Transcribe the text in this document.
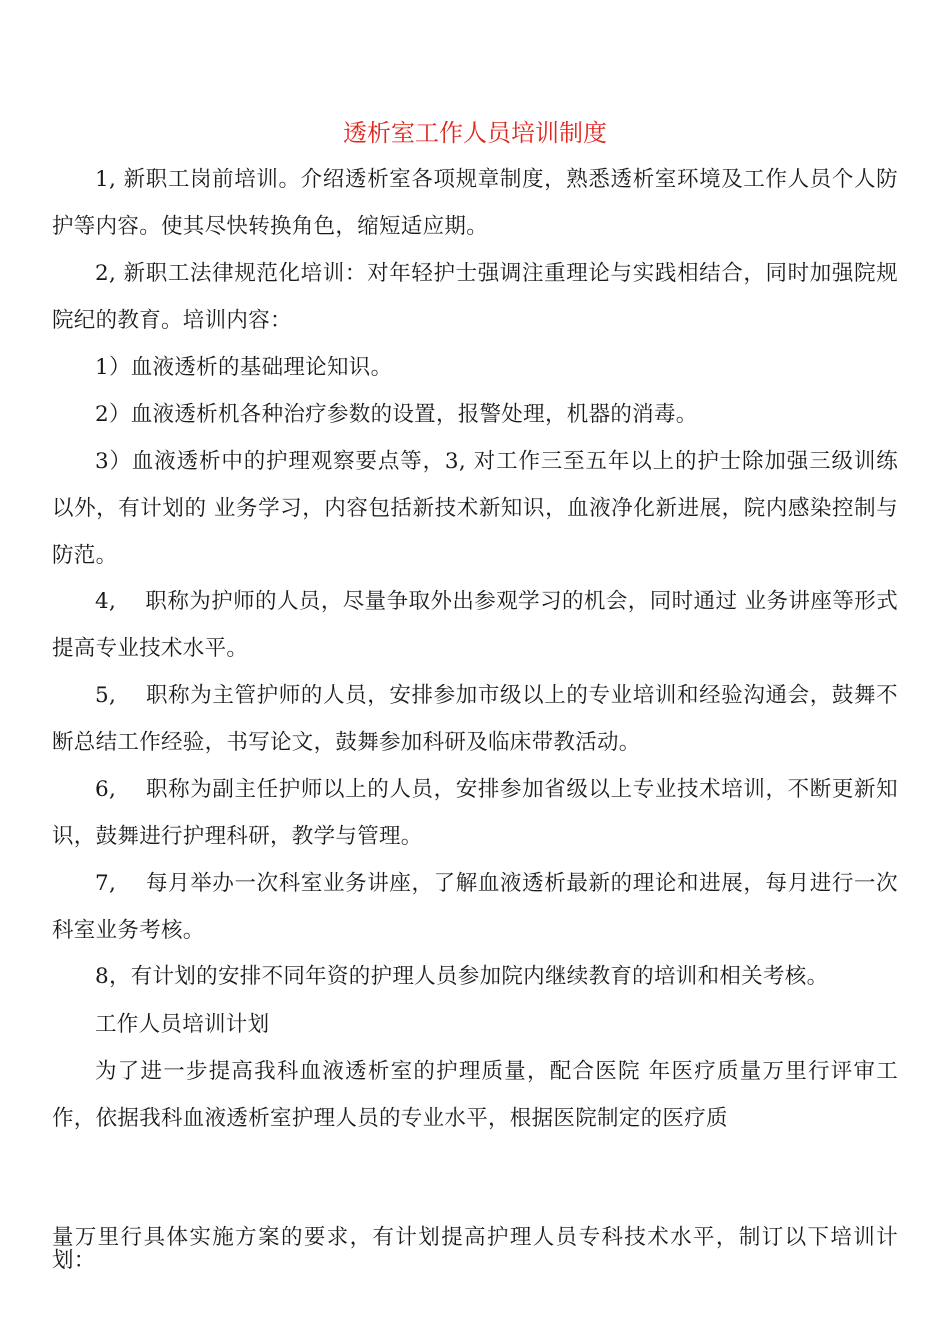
透析室工作人员培训制度

1, 新职工岗前培训。介绍透析室各项规章制度，熟悉透析室环境及工作人员个人防护等内容。使其尽快转换角色，缩短适应期。

2, 新职工法律规范化培训：对年轻护士强调注重理论与实践相结合，同时加强院规院纪的教育。培训内容：

1）血液透析的基础理论知识。

2）血液透析机各种治疗参数的设置，报警处理，机器的消毒。

3）血液透析中的护理观察要点等，3, 对工作三至五年以上的护士除加强三级训练以外，有计划的 业务学习，内容包括新技术新知识，血液净化新进展，院内感染控制与防范。

4,　 职称为护师的人员，尽量争取外出参观学习的机会，同时通过 业务讲座等形式提高专业技术水平。

5,　 职称为主管护师的人员，安排参加市级以上的专业培训和经验沟通会，鼓舞不断总结工作经验，书写论文，鼓舞参加科研及临床带教活动。

6,　 职称为副主任护师以上的人员，安排参加省级以上专业技术培训，不断更新知识，鼓舞进行护理科研，教学与管理。

7,　 每月举办一次科室业务讲座，了解血液透析最新的理论和进展，每月进行一次科室业务考核。

8，有计划的安排不同年资的护理人员参加院内继续教育的培训和相关考核。

工作人员培训计划

为了进一步提高我科血液透析室的护理质量，配合医院 年医疗质量万里行评审工作，依据我科血液透析室护理人员的专业水平，根据医院制定的医疗质

量万里行具体实施方案的要求，有计划提高护理人员专科技术水平，制订以下培训计划：
